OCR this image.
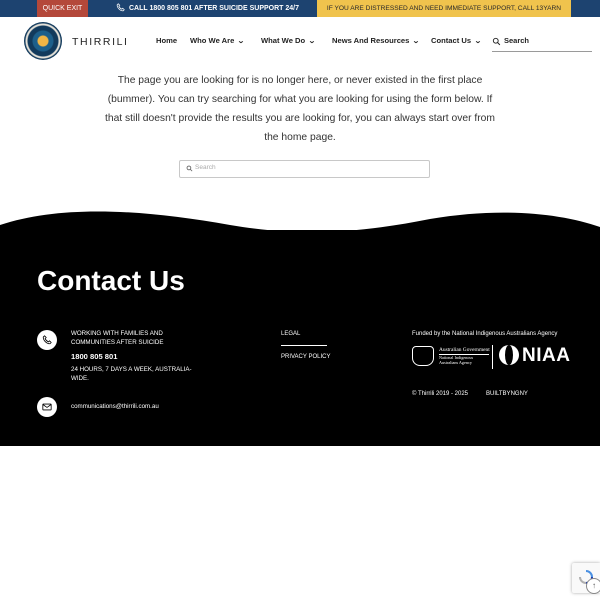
QUICK EXIT	CALL 1800 805 801 AFTER SUICIDE SUPPORT 24/7	IF YOU ARE DISTRESSED AND NEED IMMEDIATE SUPPORT, CALL 13YARN
THIRRILI	Home Who We Are ⌄ What We Do ⌄ News And Resources ⌄ Contact Us ⌄	Search
The page you are looking for is no longer here, or never existed in the first place (bummer). You can try searching for what you are looking for using the form below. If that still doesn't provide the results you are looking for, you can always start over from the home page.
Search
Contact Us
WORKING WITH FAMILIES AND COMMUNITIES AFTER SUICIDE
1800 805 801
24 HOURS, 7 DAYS A WEEK, AUSTRALIA-WIDE.
communications@thirrili.com.au
LEGAL
PRIVACY POLICY
Funded by the National Indigenous Australians Agency
Australian Government
National Indigenous Australians Agency	NIAA
© Thirrili 2019 - 2025	BUILTBYNGNY
↑
